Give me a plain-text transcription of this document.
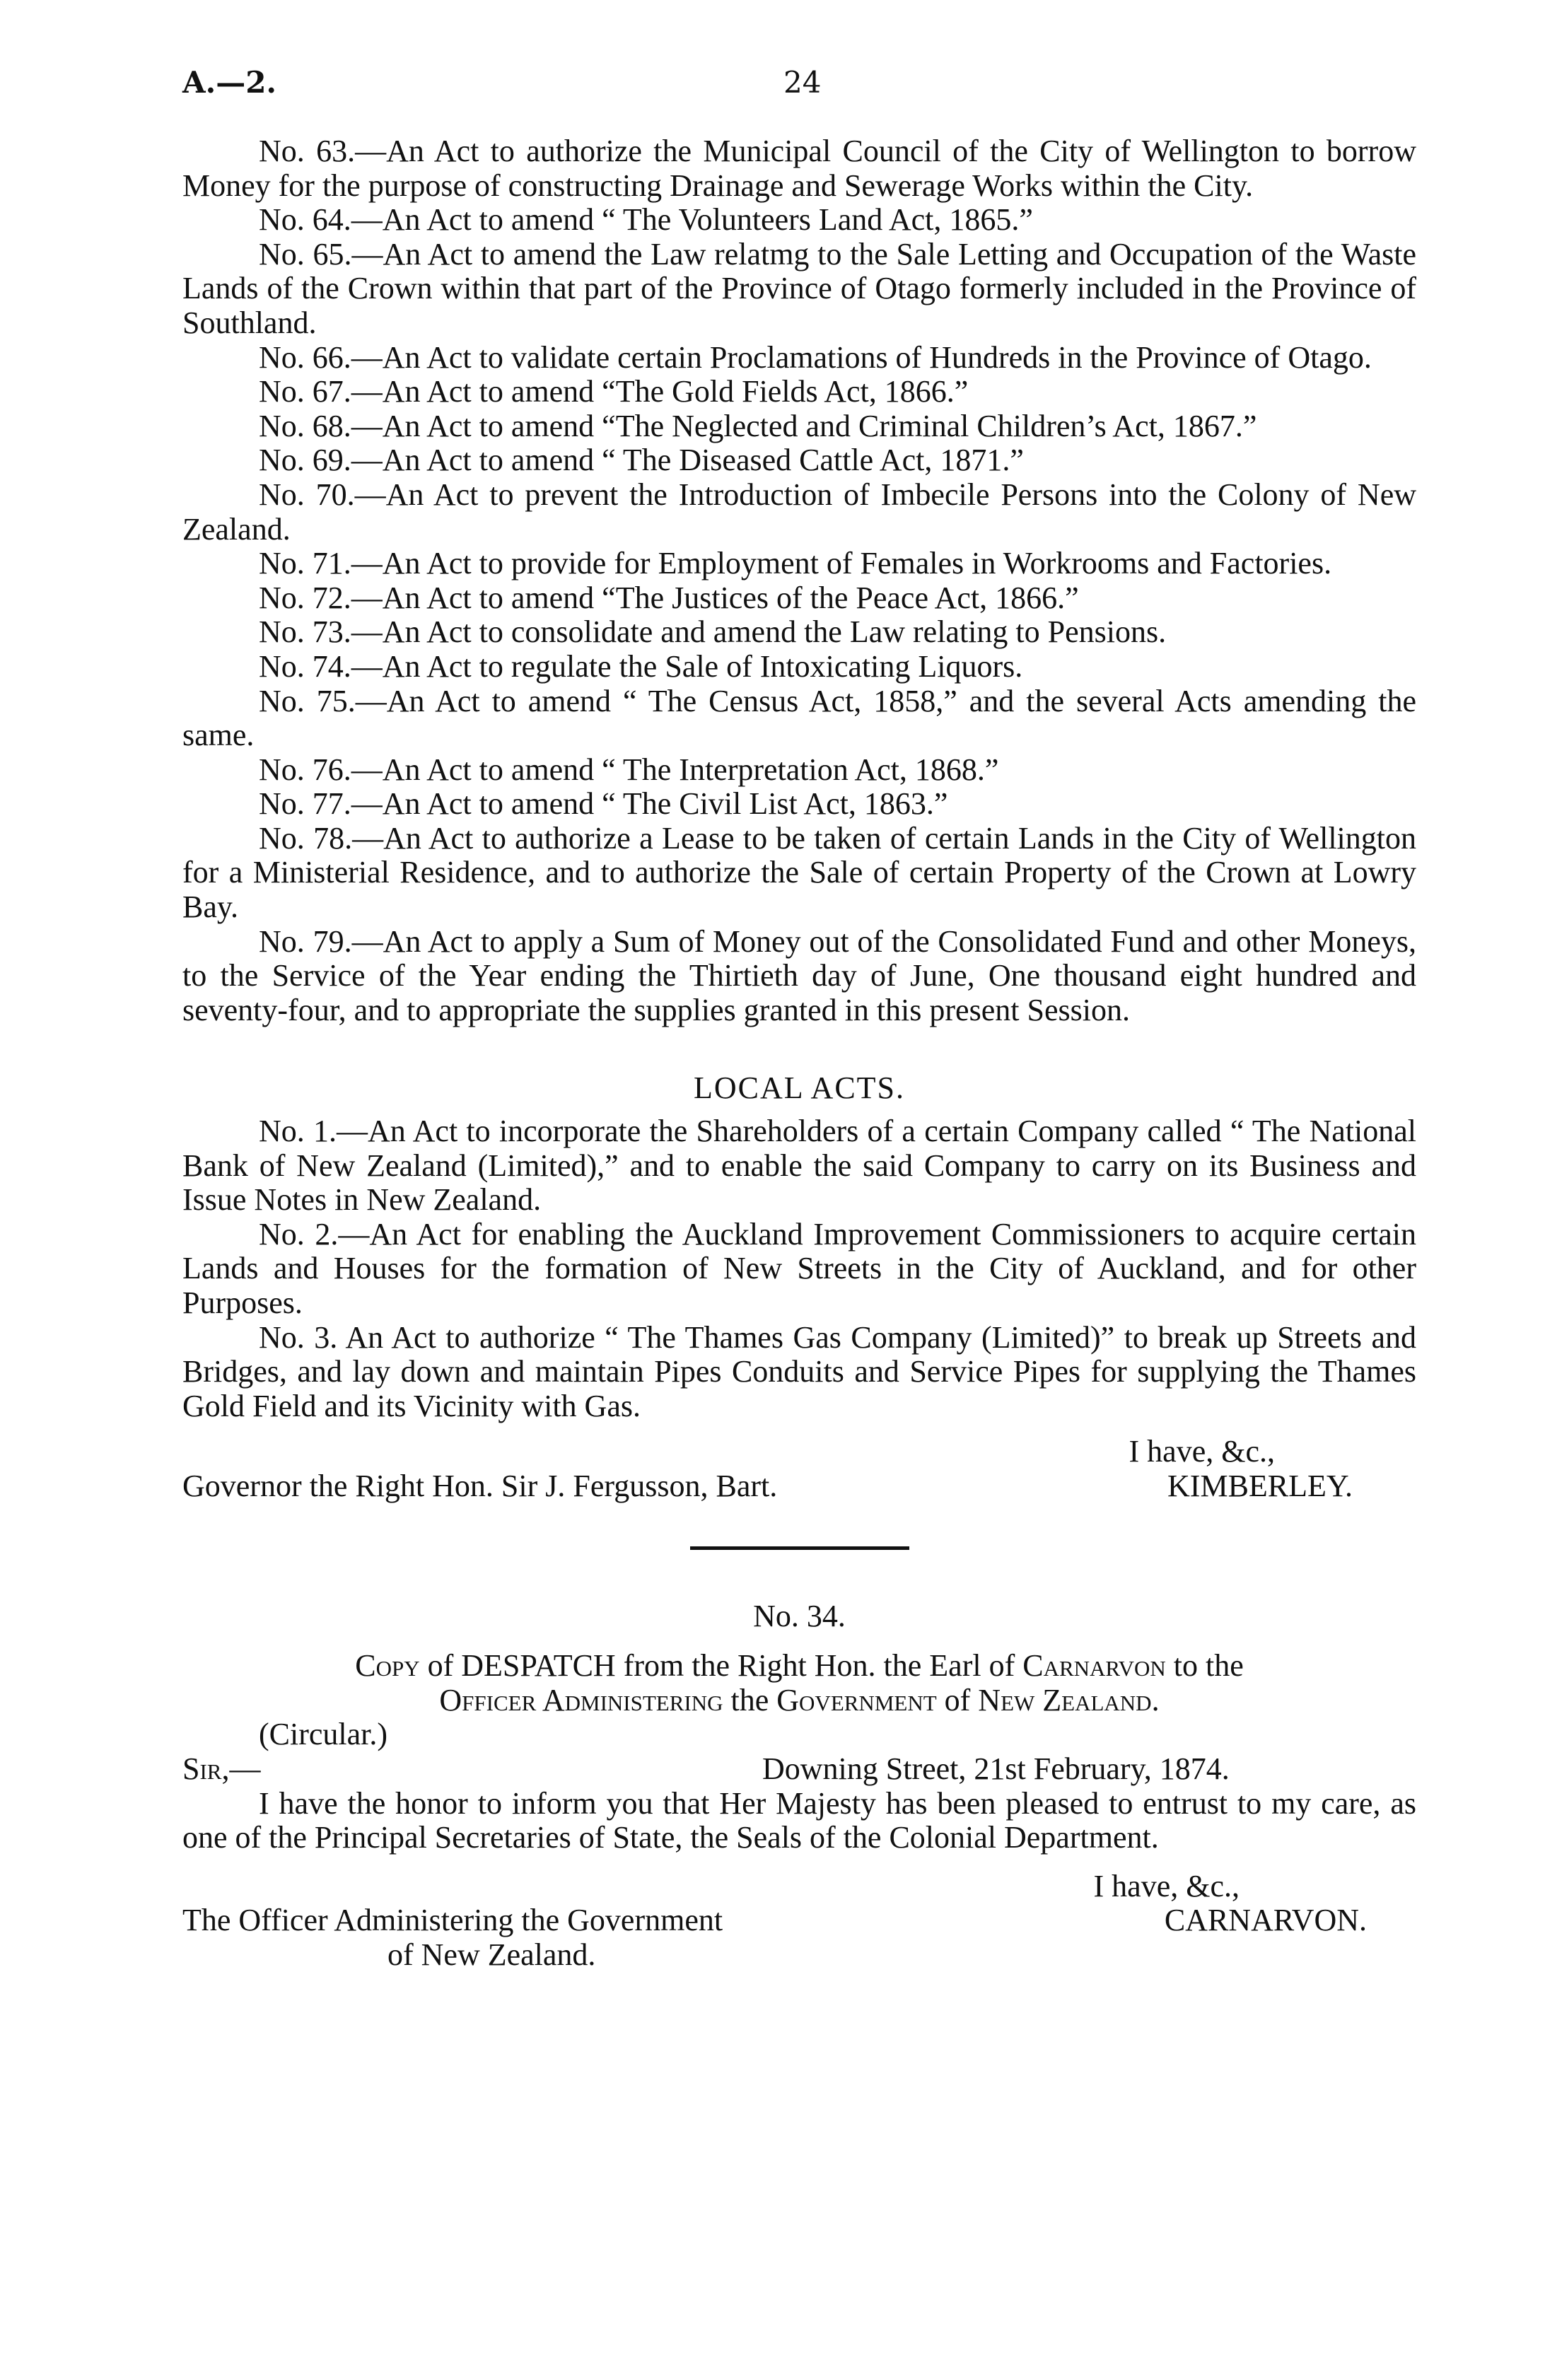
A.—2.	24

No. 63.—An Act to authorize the Municipal Council of the City of Wellington to borrow Money for the purpose of constructing Drainage and Sewerage Works within the City.

No. 64.—An Act to amend “ The Volunteers Land Act, 1865.”

No. 65.—An Act to amend the Law relatmg to the Sale Letting and Occupation of the Waste Lands of the Crown within that part of the Province of Otago formerly included in the Province of Southland.

No. 66.—An Act to validate certain Proclamations of Hundreds in the Province of Otago.

No. 67.—An Act to amend “The Gold Fields Act, 1866.”

No. 68.—An Act to amend “The Neglected and Criminal Children’s Act, 1867.”

No. 69.—An Act to amend “ The Diseased Cattle Act, 1871.”

No. 70.—An Act to prevent the Introduction of Imbecile Persons into the Colony of New Zealand.

No. 71.—An Act to provide for Employment of Females in Workrooms and Factories.

No. 72.—An Act to amend “The Justices of the Peace Act, 1866.”

No. 73.—An Act to consolidate and amend the Law relating to Pensions.

No. 74.—An Act to regulate the Sale of Intoxicating Liquors.

No. 75.—An Act to amend “ The Census Act, 1858,” and the several Acts amending the same.

No. 76.—An Act to amend “ The Interpretation Act, 1868.”

No. 77.—An Act to amend “ The Civil List Act, 1863.”

No. 78.—An Act to authorize a Lease to be taken of certain Lands in the City of Wellington for a Ministerial Residence, and to authorize the Sale of certain Property of the Crown at Lowry Bay.

No. 79.—An Act to apply a Sum of Money out of the Consolidated Fund and other Moneys, to the Service of the Year ending the Thirtieth day of June, One thousand eight hundred and seventy-four, and to appropriate the supplies granted in this present Session.

LOCAL ACTS.

No. 1.—An Act to incorporate the Shareholders of a certain Company called “ The National Bank of New Zealand (Limited),” and to enable the said Company to carry on its Business and Issue Notes in New Zealand.

No. 2.—An Act for enabling the Auckland Improvement Commissioners to acquire certain Lands and Houses for the formation of New Streets in the City of Auckland, and for other Purposes.

No. 3. An Act to authorize “ The Thames Gas Company (Limited)” to break up Streets and Bridges, and lay down and maintain Pipes Conduits and Service Pipes for supplying the Thames Gold Field and its Vicinity with Gas.

I have, &c.,

Governor the Right Hon. Sir J. Fergusson, Bart.	KIMBERLEY.

No. 34.

Copy of DESPATCH from the Right Hon. the Earl of Carnarvon to the

Officer Administering the Government of New Zealand.

(Circular.)

Sir,—	Downing Street, 21st February, 1874.

I have the honor to inform you that Her Majesty has been pleased to entrust to my care, as one of the Principal Secretaries of State, the Seals of the Colonial Department.

I have, &c.,

The Officer Administering the Government	CARNARVON.

of New Zealand.
